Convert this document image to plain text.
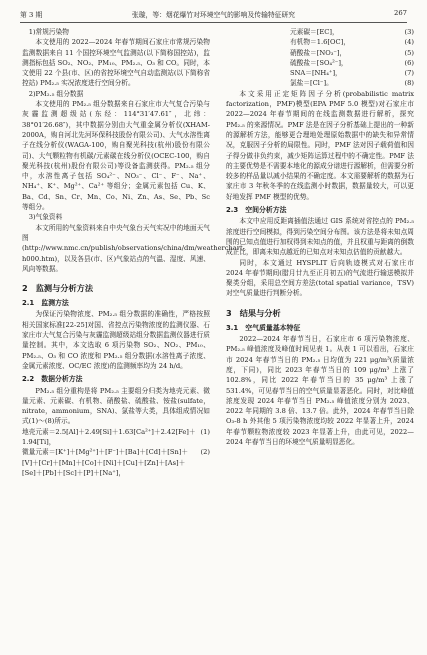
第 3 期	张璇，等：烟花爆竹对环境空气的影响及传输特征研究	267

1)常规污染物

本文使用的 2022—2024 年春节期间石家庄市常规污染物监测数据来自 11 个国控环境空气监测站(以下简称国控站)，监测指标包括 SO₂、NO₂、PM₁₀、PM₂.₅、O₃ 和 CO。同时，本文使用 22 个县(市、区)的省控环境空气自动监测站(以下简称省控站) PM₂.₅ 实况浓度进行空间分析。

2)PM₂.₅ 组分数据

本文使用的 PM₂.₅ 组分数据来自石家庄市大气复合污染与灰霾监测超级站(东经：114°31′47.61″，北纬：38°01′26.68″)，其中数据分别由大气重金属分析仪(XHAM-2000A，购自河北先河环保科技股份有限公司)、大气水溶性离子在线分析仪(WAGA-100，购自聚光科技(杭州)股份有限公司)、大气颗粒物有机碳/元素碳在线分析仪(OCEC-100，购自聚光科技(杭州)股份有限公司)等设备监测获得。PM₂.₅ 组分中，水溶性离子包括 SO₄²⁻、NO₃⁻、Cl⁻、F⁻、Na⁺、NH₄⁺、K⁺、Mg²⁺、Ca²⁺ 等组分；金属元素包括 Cu、K、Ba、Cd、Sn、Cr、Mn、Co、Ni、Zn、As、Se、Pb、Sc 等组分。

3)气象资料

本文所用的气象资料来自中央气象台天气实况中的地面天气图(http://www.nmc.cn/publish/observations/china/dm/weatherchart-h000.htm)，以及各县(市、区)气象站点的气温、湿度、风速、风向等数据。

2 监测与分析方法
2.1 监测方法

为保证污染物浓度、PM₂.₅ 组分数据的准确性，严格按照相关国家标准[22-25]对国、省控点污染物浓度的监测仪器、石家庄市大气复合污染与灰霾监测超级站组分数据监测仪器进行质量控制。其中，本文选取 6 项污染物 SO₂、NO₂、PM₁₀、PM₂.₅、O₃ 和 CO 浓度和 PM₂.₅ 组分数据(水溶性离子浓度、金属元素浓度、OC/EC 浓度)的监测频率均为 24 h/d。

2.2 数据分析方法

PM₂.₅ 组分重构是将 PM₂.₅ 主要组分归类为地壳元素、微量元素、元素碳、有机物、硝酸盐、硫酸盐、铵盐(sulfate，nitrate，ammonium，SNA)、氯盐等大类，具体组成情况如式(1)～(8)所示。

地壳元素＝2.5[Al]＋2.49[Si]＋1.63[Ca²⁺]＋2.42[Fe]＋1.94[Ti]，
(1)
微量元素＝[K⁺]＋[Mg²⁺]＋[F⁻]＋[Ba]＋[Cd]＋[Sn]＋[V]＋[Cr]＋[Mn]＋[Co]＋[Ni]＋[Cu]＋[Zn]＋[As]＋[Se]＋[Pb]＋[Sc]＋[P]＋[Na⁺]，
(2)
元素碳＝[EC]，	(3)
有机物＝1.6[OC]，	(4)
硝酸盐＝[NO₃⁻]，	(5)
硫酸盐＝[SO₄²⁻]，	(6)
SNA＝[NH₄⁺]，	(7)
氯盐＝[Cl⁻]。	(8)

本文采用正定矩阵因子分析(probabilistic matrix factorization，PMF)模型(EPA PMF 5.0 模型)对石家庄市 2022—2024 年春节期间的在线监测数据进行解析，探究 PM₂.₅ 的来源情况。PMF 法是在因子分析基础上提出的一种新的源解析方法，能够更合理地处理原始数据中的缺失和异常情况，克服因子分析的局限性。同时，PMF 法对因子载荷值和因子得分做非负约束，减少矩阵运算过程中的不确定性。PMF 法的主要优势是不需要本地化的源成分谱进行源解析，但需要分析较多的样品量以减小结果的不确定度。本文需要解析的数据为石家庄市 3 年秋冬季的在线监测小时数据，数据量较大，可以更好地发挥 PMF 模型的优势。

2.3 空间分析方法

本文中应用反距离插值法通过 GIS 系统对省控点的 PM₂.₅ 浓度进行空间模拟，得到污染空间分布图。该方法是将未知点周围的已知点值进行加权得到未知点的值，并且权重与距离的倒数成正比，即离未知点越近的已知点对未知点估值的贡献越大。

同时，本文通过 HYSPLIT 后向轨迹模式对石家庄市 2024 年春节期间(腊月廿九至正月初五)的气流进行输送模拟并聚类分组，采用总空间方差法(total spatial variance，TSV)对空气质量进行判断分析。

3 结果与分析
3.1 空气质量基本特征

2022—2024 年春节当日，石家庄市 6 项污染物浓度、PM₂.₅ 峰值浓度及峰值时间见表 1。从表 1 可以看出，石家庄市 2024 年春节当日的 PM₂.₅ 日均值为 221 μg/m³(质量浓度，下同)，同比 2023 年春节当日的 109 μg/m³ 上涨了 102.8%，同比 2022 年春节当日的 35 μg/m³ 上涨了 531.4%，可见春节当日的空气质量显著恶化。同时，对比峰值浓度发现 2024 年春节当日 PM₂.₅ 峰值浓度分别为 2023、2022 年同期的 3.8 倍、13.7 倍。此外，2024 年春节当日除 O₃-8 h 外其他 5 项污染物浓度均较 2022 年显著上升，2024 年春节颗粒物浓度较 2023 年显著上升，由此可见，2022—2024 年春节当日的环境空气质量明显恶化。
